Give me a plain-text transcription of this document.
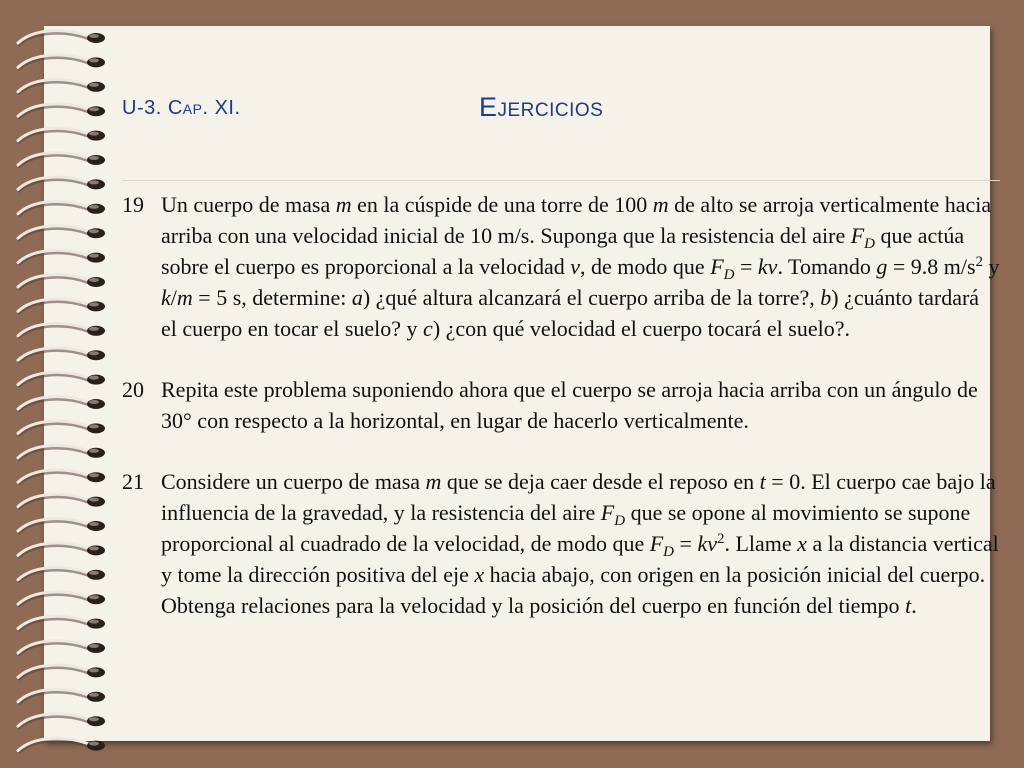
U-3. Cap. XI.	Ejercicios
19 Un cuerpo de masa m en la cúspide de una torre de 100 m de alto se arroja verticalmente hacia arriba con una velocidad inicial de 10 m/s. Suponga que la resistencia del aire $F_D$ que actúa sobre el cuerpo es proporcional a la velocidad v, de modo que $F_D$ = kv. Tomando g = 9.8 $m/s^2$ y k/m = 5 s, determine: a) ¿qué altura alcanzará el cuerpo arriba de la torre?, b) ¿cuánto tardará el cuerpo en tocar el suelo? y c) ¿con qué velocidad el cuerpo tocará el suelo?.
20 Repita este problema suponiendo ahora que el cuerpo se arroja hacia arriba con un ángulo de 30° con respecto a la horizontal, en lugar de hacerlo verticalmente.
21 Considere un cuerpo de masa m que se deja caer desde el reposo en t = 0. El cuerpo cae bajo la influencia de la gravedad, y la resistencia del aire $F_D$ que se opone al movimiento se supone proporcional al cuadrado de la velocidad, de modo que $F_D = kv^2$. Llame x a la distancia vertical y tome la dirección positiva del eje x hacia abajo, con origen en la posición inicial del cuerpo. Obtenga relaciones para la velocidad y la posición del cuerpo en función del tiempo t.
